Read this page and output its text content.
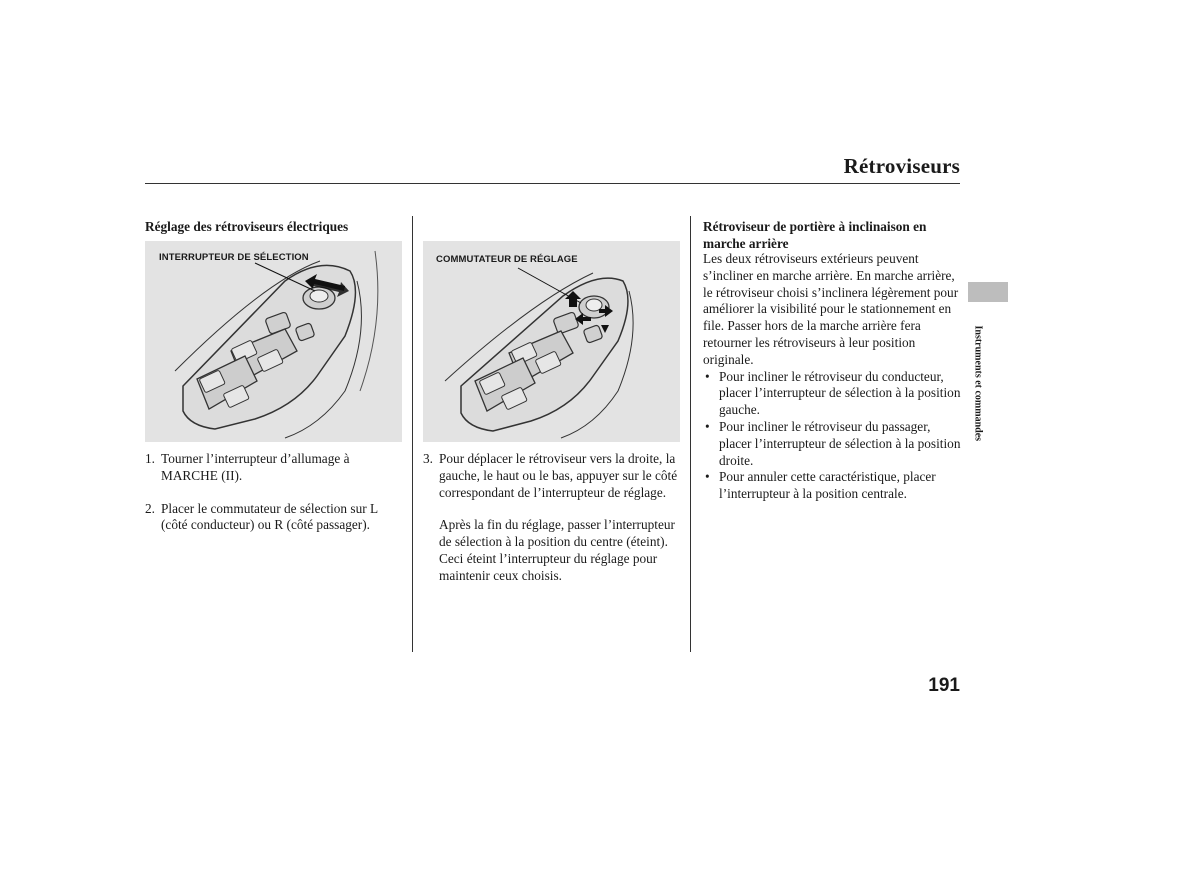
Rétroviseurs
Réglage des rétroviseurs électriques
INTERRUPTEUR DE SÉLECTION
1. Tourner l’interrupteur d’allumage à MARCHE (II).
2. Placer le commutateur de sélection sur L (côté conducteur) ou R (côté passager).
COMMUTATEUR DE RÉGLAGE
3. Pour déplacer le rétroviseur vers la droite, la gauche, le haut ou le bas, appuyer sur le côté correspondant de l’interrupteur de réglage.
Après la fin du réglage, passer l’interrupteur de sélection à la position du centre (éteint). Ceci éteint l’interrupteur du réglage pour maintenir ceux choisis.
Rétroviseur de portière à inclinaison en marche arrière
Les deux rétroviseurs extérieurs peuvent s’incliner en marche arrière. En marche arrière, le rétroviseur choisi s’inclinera légèrement pour améliorer la visibilité pour le stationnement en file. Passer hors de la marche arrière fera retourner les rétroviseurs à leur position originale.
• Pour incliner le rétroviseur du conducteur, placer l’interrupteur de sélection à la position gauche.
• Pour incliner le rétroviseur du passager, placer l’interrupteur de sélection à la position droite.
• Pour annuler cette caractéristique, placer l’interrupteur à la position centrale.
Instruments et commandes
191
